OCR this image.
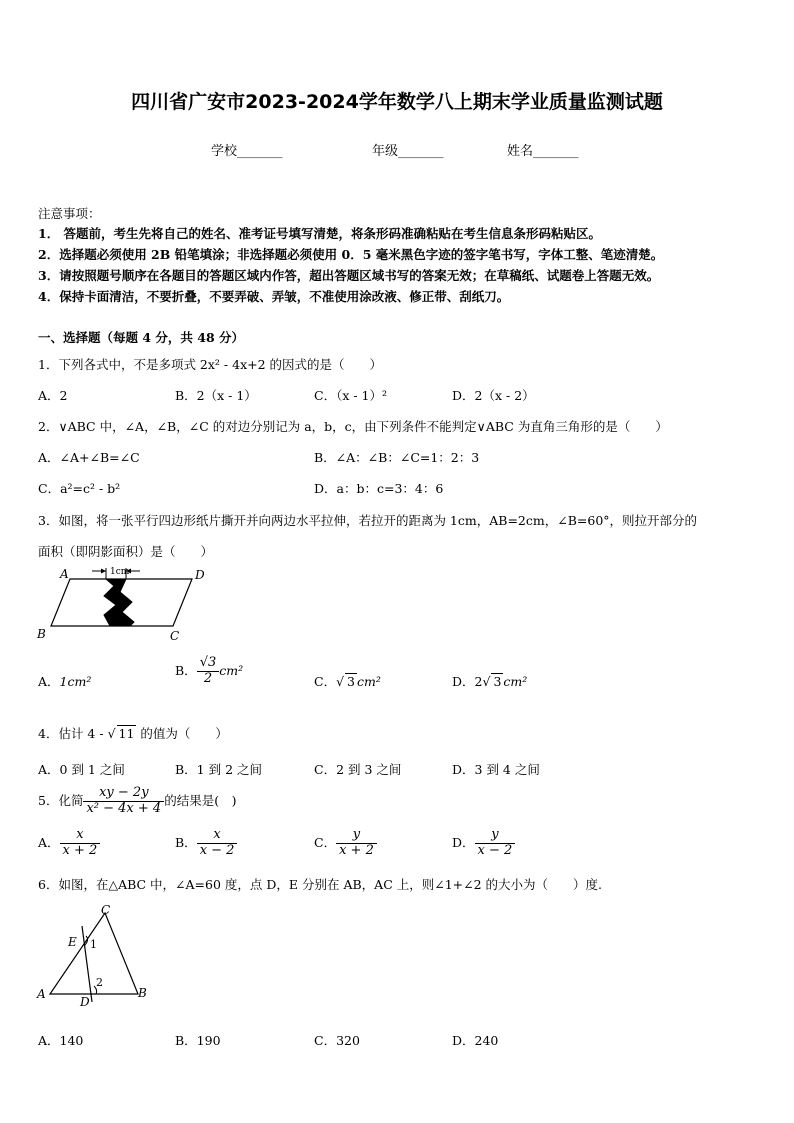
四川省广安市2023-2024学年数学八上期末学业质量监测试题
学校_______	年级_______	姓名_______
注意事项：
1． 答题前，考生先将自己的姓名、准考证号填写清楚，将条形码准确粘贴在考生信息条形码粘贴区。
2．选择题必须使用 2B 铅笔填涂；非选择题必须使用 0．5 毫米黑色字迹的签字笔书写，字体工整、笔迹清楚。
3．请按照题号顺序在各题目的答题区域内作答，超出答题区域书写的答案无效；在草稿纸、试题卷上答题无效。
4．保持卡面清洁，不要折叠，不要弄破、弄皱，不准使用涂改液、修正带、刮纸刀。
一、选择题（每题 4 分，共 48 分）
1．下列各式中，不是多项式 2x² - 4x+2 的因式的是（　　）
A．2	B．2（x - 1）	C．（x - 1）²	D．2（x - 2）
2．∨ABC 中，∠A，∠B，∠C 的对边分别记为 a，b，c，由下列条件不能判定∨ABC 为直角三角形的是（　　）
A．∠A+∠B=∠C	B．∠A：∠B：∠C=1：2：3
C．a²=c² - b²	D．a：b：c=3：4：6
3．如图，将一张平行四边形纸片撕开并向两边水平拉伸，若拉开的距离为 1cm，AB=2cm，∠B=60°，则拉开部分的
面积（即阴影面积）是（　　）
1cm
A	D
B	C
A．1cm²
B． $\frac{√3}{2} cm^2$
C．√ 3 cm²	D．2√ 3 cm²
4．估计 4 - √ 11 的值为（　　）
A．0 到 1 之间	B．1 到 2 之间	C．2 到 3 之间	D．3 到 4 之间
5．化简 $\frac{xy - 2y}{\text{x² − 4x + 4}}$ 的结果是(　)
A． $\frac{x}{x + 2}$	B． $\frac{x}{x - 2}$	C． $\frac{y}{x + 2}$	D． $\frac{y}{x - 2}$
6．如图，在△ABC 中，∠A=60 度，点 D，E 分别在 AB，AC 上，则∠1+∠2 的大小为（　　）度.
C
E 1
2
A
D
B
A．140	B．190	C．320	D．240
